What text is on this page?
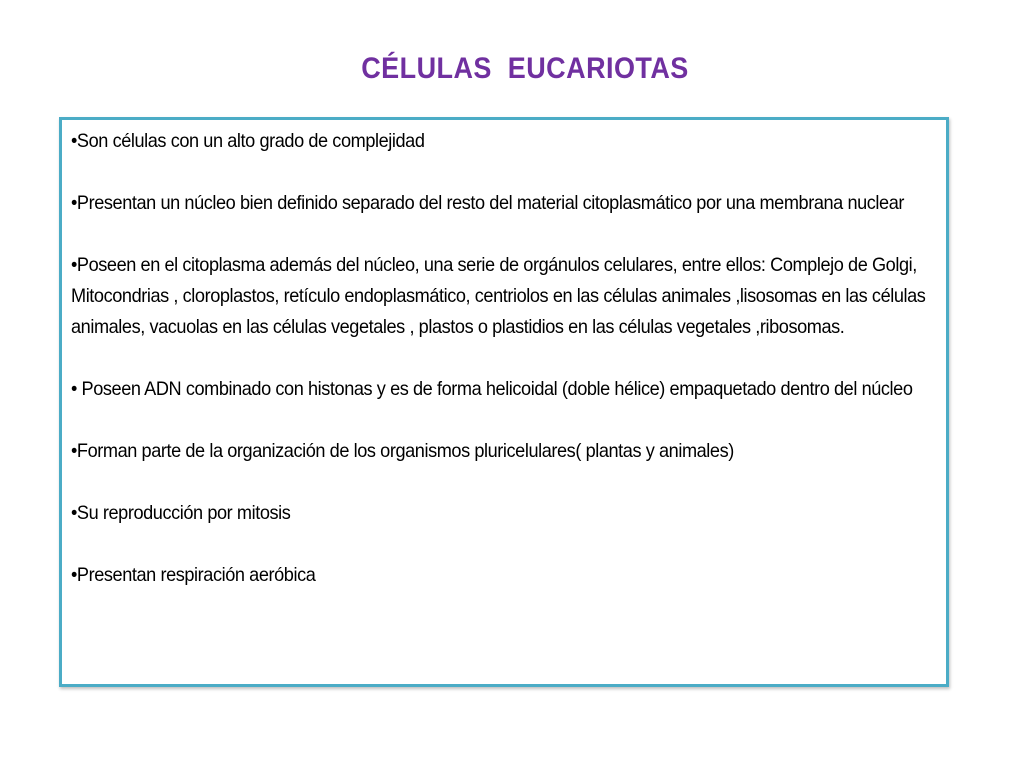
CÉLULAS  EUCARIOTAS
•Son células con un alto grado de complejidad
•Presentan un núcleo bien definido separado del resto del material citoplasmático por una membrana nuclear
•Poseen en el citoplasma además del núcleo, una serie de orgánulos celulares, entre ellos: Complejo de Golgi, Mitocondrias , cloroplastos, retículo endoplasmático, centriolos en las células animales ,lisosomas en las células animales, vacuolas en las células vegetales , plastos o plastidios en las células vegetales ,ribosomas.
• Poseen ADN combinado con histonas y es de forma helicoidal (doble hélice) empaquetado dentro del núcleo
•Forman parte de la organización de los organismos pluricelulares( plantas y animales)
•Su reproducción por mitosis
•Presentan respiración aeróbica
